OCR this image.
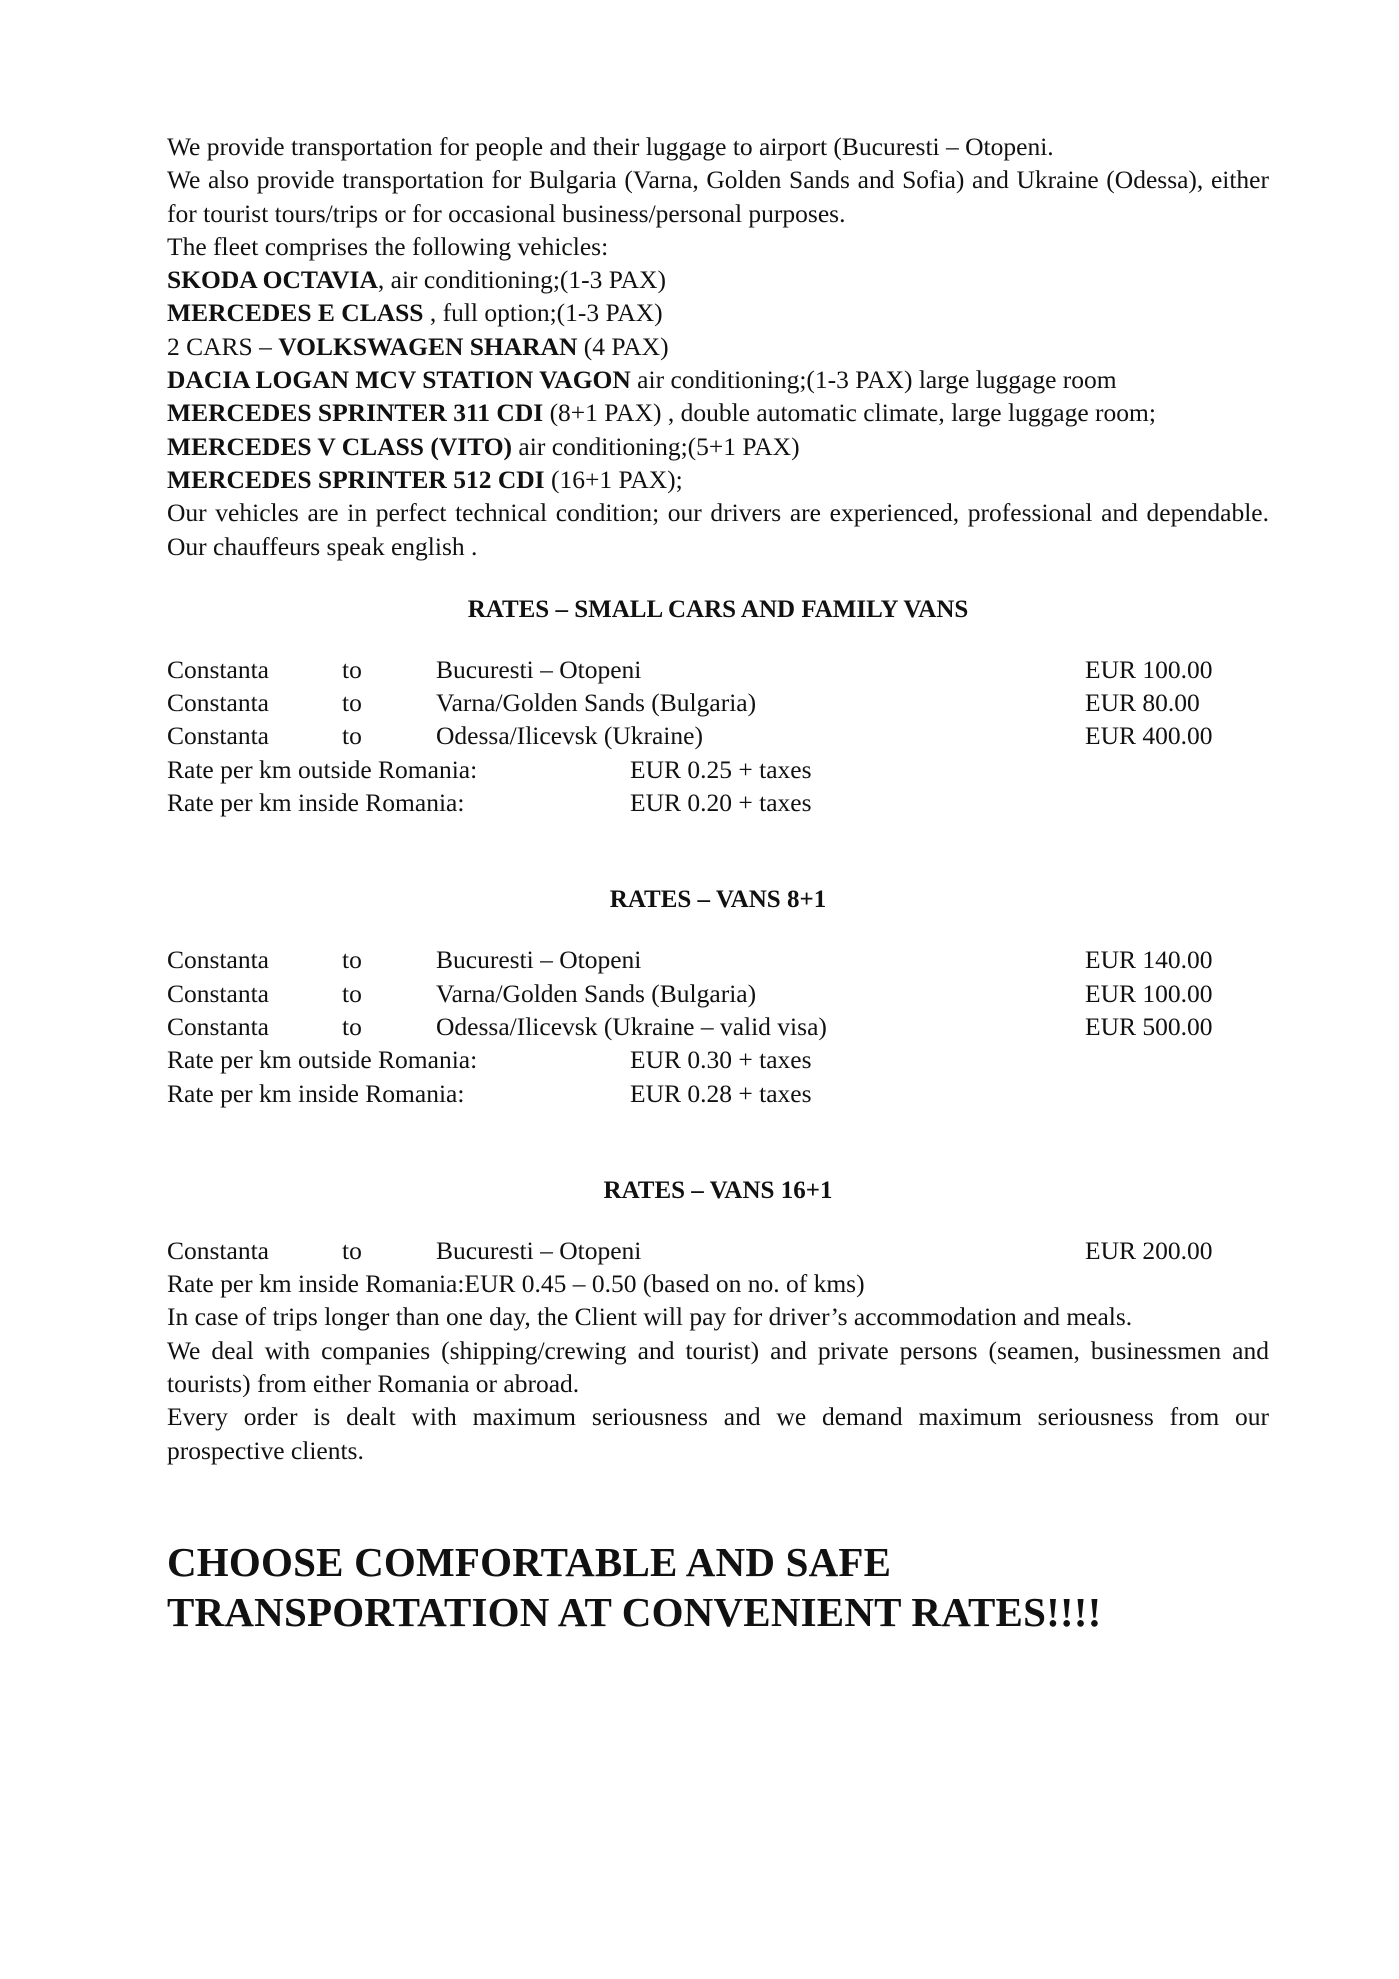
We provide transportation for people and their luggage to airport (Bucuresti – Otopeni.

We also provide transportation for Bulgaria (Varna, Golden Sands and Sofia) and Ukraine (Odessa), either for tourist tours/trips or for occasional business/personal purposes.

The fleet comprises the following vehicles:

SKODA OCTAVIA, air conditioning;(1-3 PAX)

MERCEDES E CLASS , full option;(1-3 PAX)

2 CARS – VOLKSWAGEN SHARAN (4 PAX)

DACIA LOGAN MCV STATION VAGON air conditioning;(1-3 PAX) large luggage room

MERCEDES SPRINTER 311 CDI (8+1 PAX) , double automatic climate, large luggage room;

MERCEDES V CLASS (VITO) air conditioning;(5+1 PAX)

MERCEDES SPRINTER 512 CDI (16+1 PAX);

Our vehicles are in perfect technical condition; our drivers are experienced, professional and dependable. Our chauffeurs speak english .

RATES – SMALL CARS AND FAMILY VANS

Constanta	to	Bucuresti – Otopeni	EUR 100.00
Constanta	to	Varna/Golden Sands (Bulgaria)	EUR 80.00
Constanta	to	Odessa/Ilicevsk (Ukraine)	EUR 400.00
Rate per km outside Romania:	EUR 0.25 + taxes
Rate per km inside Romania:	EUR 0.20 + taxes

RATES – VANS 8+1

Constanta	to	Bucuresti – Otopeni	EUR 140.00
Constanta	to	Varna/Golden Sands (Bulgaria)	EUR 100.00
Constanta	to	Odessa/Ilicevsk (Ukraine – valid visa)	EUR 500.00
Rate per km outside Romania:	EUR 0.30 + taxes
Rate per km inside Romania:	EUR 0.28 + taxes

RATES – VANS 16+1

Constanta	to	Bucuresti – Otopeni	EUR 200.00

Rate per km inside Romania:EUR 0.45 – 0.50 (based on no. of kms)

In case of trips longer than one day, the Client will pay for driver’s accommodation and meals.

We deal with companies (shipping/crewing and tourist) and private persons (seamen, businessmen and tourists) from either Romania or abroad.

Every order is dealt with maximum seriousness and we demand maximum seriousness from our prospective clients.

CHOOSE COMFORTABLE AND SAFE

TRANSPORTATION AT CONVENIENT RATES!!!!
